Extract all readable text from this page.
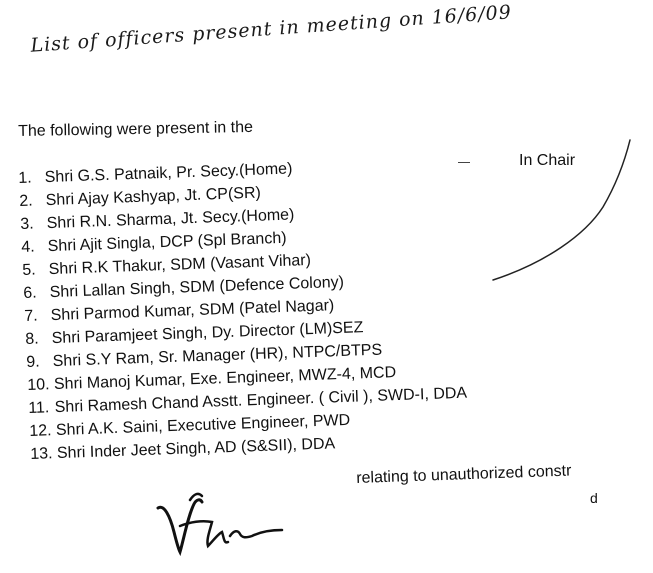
List of officers present in meeting on 16/6/09
The following were present in the
In Chair
1. Shri G.S. Patnaik, Pr. Secy.(Home)
2. Shri Ajay Kashyap, Jt. CP(SR)
3. Shri R.N. Sharma, Jt. Secy.(Home)
4. Shri Ajit Singla, DCP (Spl Branch)
5. Shri R.K Thakur, SDM (Vasant Vihar)
6. Shri Lallan Singh, SDM (Defence Colony)
7. Shri Parmod Kumar, SDM (Patel Nagar)
8. Shri Paramjeet Singh, Dy. Director (LM)SEZ
9. Shri S.Y Ram, Sr. Manager (HR), NTPC/BTPS
10. Shri Manoj Kumar, Exe. Engineer, MWZ-4, MCD
11. Shri Ramesh Chand Asstt. Engineer. ( Civil ), SWD-I, DDA
12. Shri A.K. Saini, Executive Engineer, PWD
13. Shri Inder Jeet Singh, AD (S&SII), DDA
relating to unauthorized constr
d
